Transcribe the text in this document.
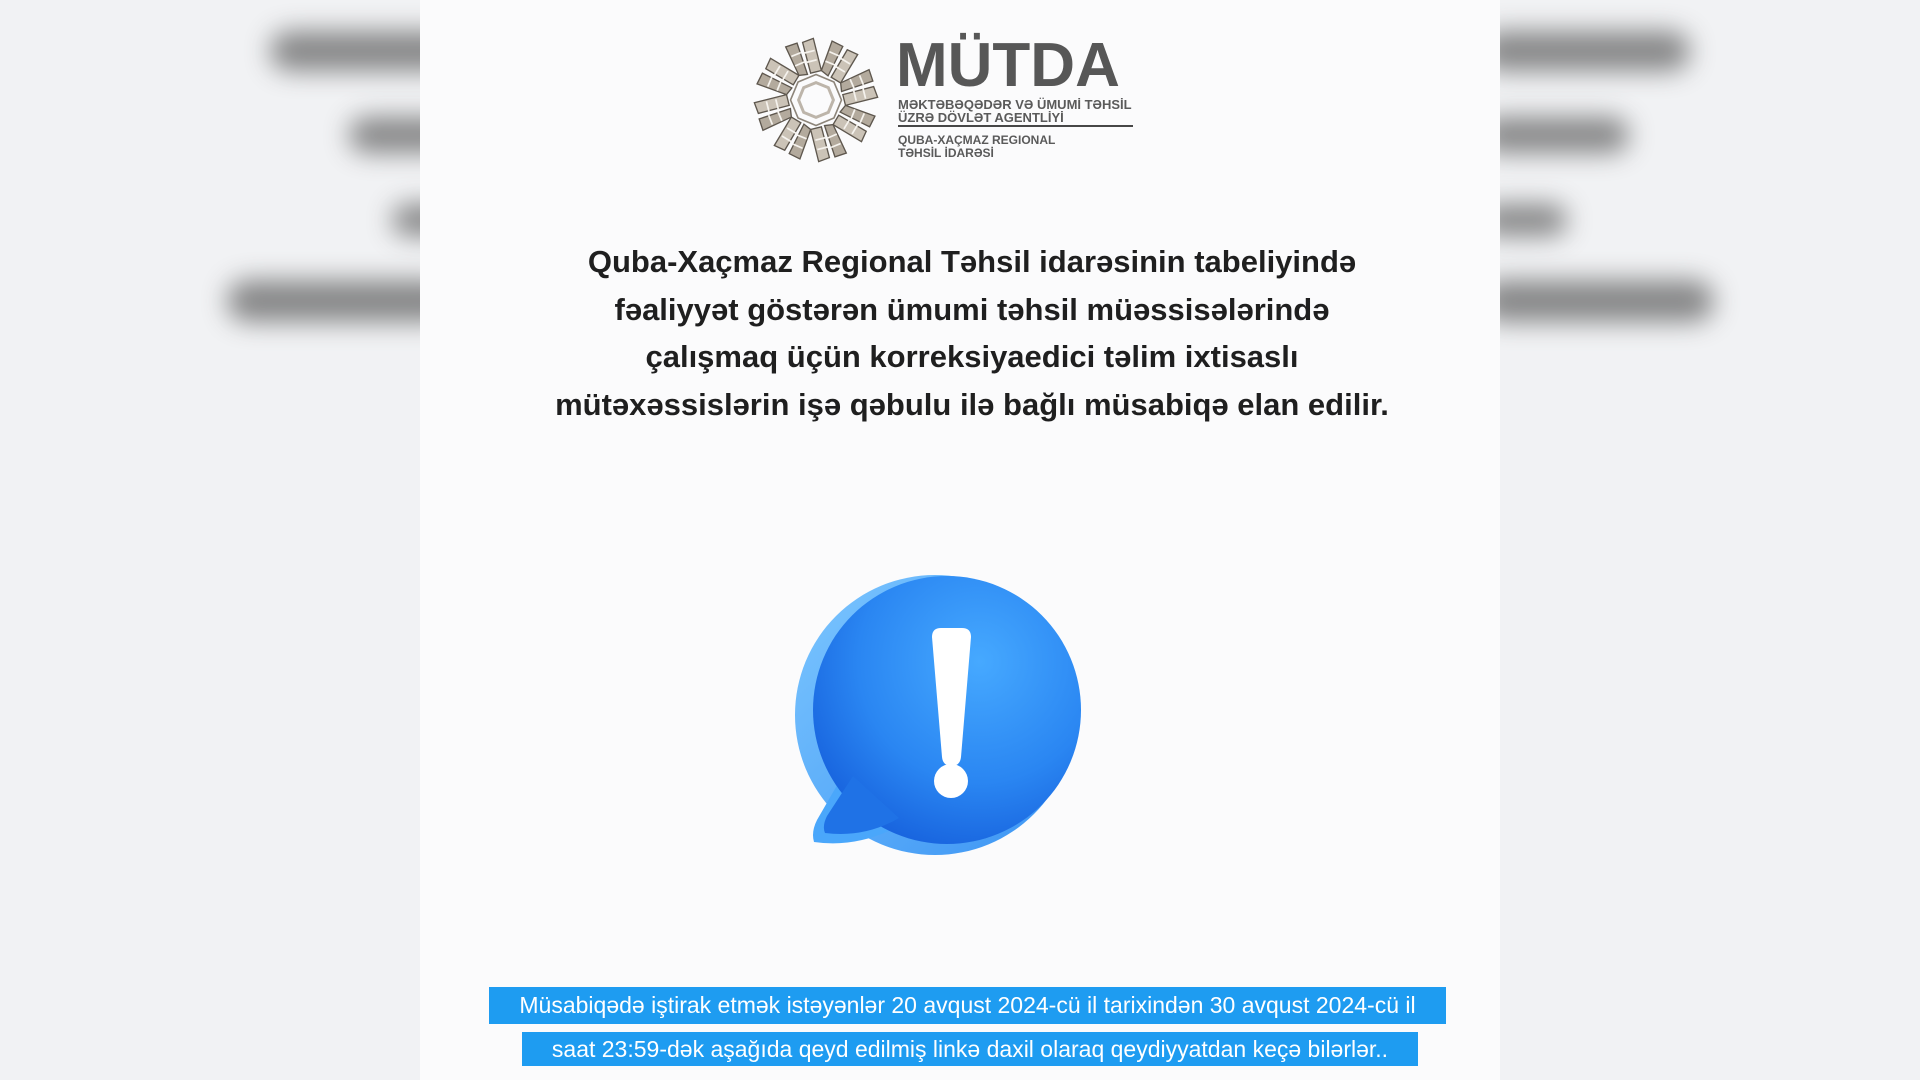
MÜTDA
MƏKTƏBƏQƏDƏR VƏ ÜMUMİ TƏHSİL
ÜZRƏ DÖVLƏT AGENTLİYİ
QUBA-XAÇMAZ REGIONAL
TƏHSİL İDARƏSİ
Quba-Xaçmaz Regional Təhsil idarəsinin tabeliyində
fəaliyyət göstərən ümumi təhsil müəssisələrində
çalışmaq üçün korreksiyaedici təlim ixtisaslı
mütəxəssislərin işə qəbulu ilə bağlı müsabiqə elan edilir.
Müsabiqədə iştirak etmək istəyənlər 20 avqust 2024-cü il tarixindən 30 avqust 2024-cü il
saat 23:59-dək aşağıda qeyd edilmiş linkə daxil olaraq qeydiyyatdan keçə bilərlər..
